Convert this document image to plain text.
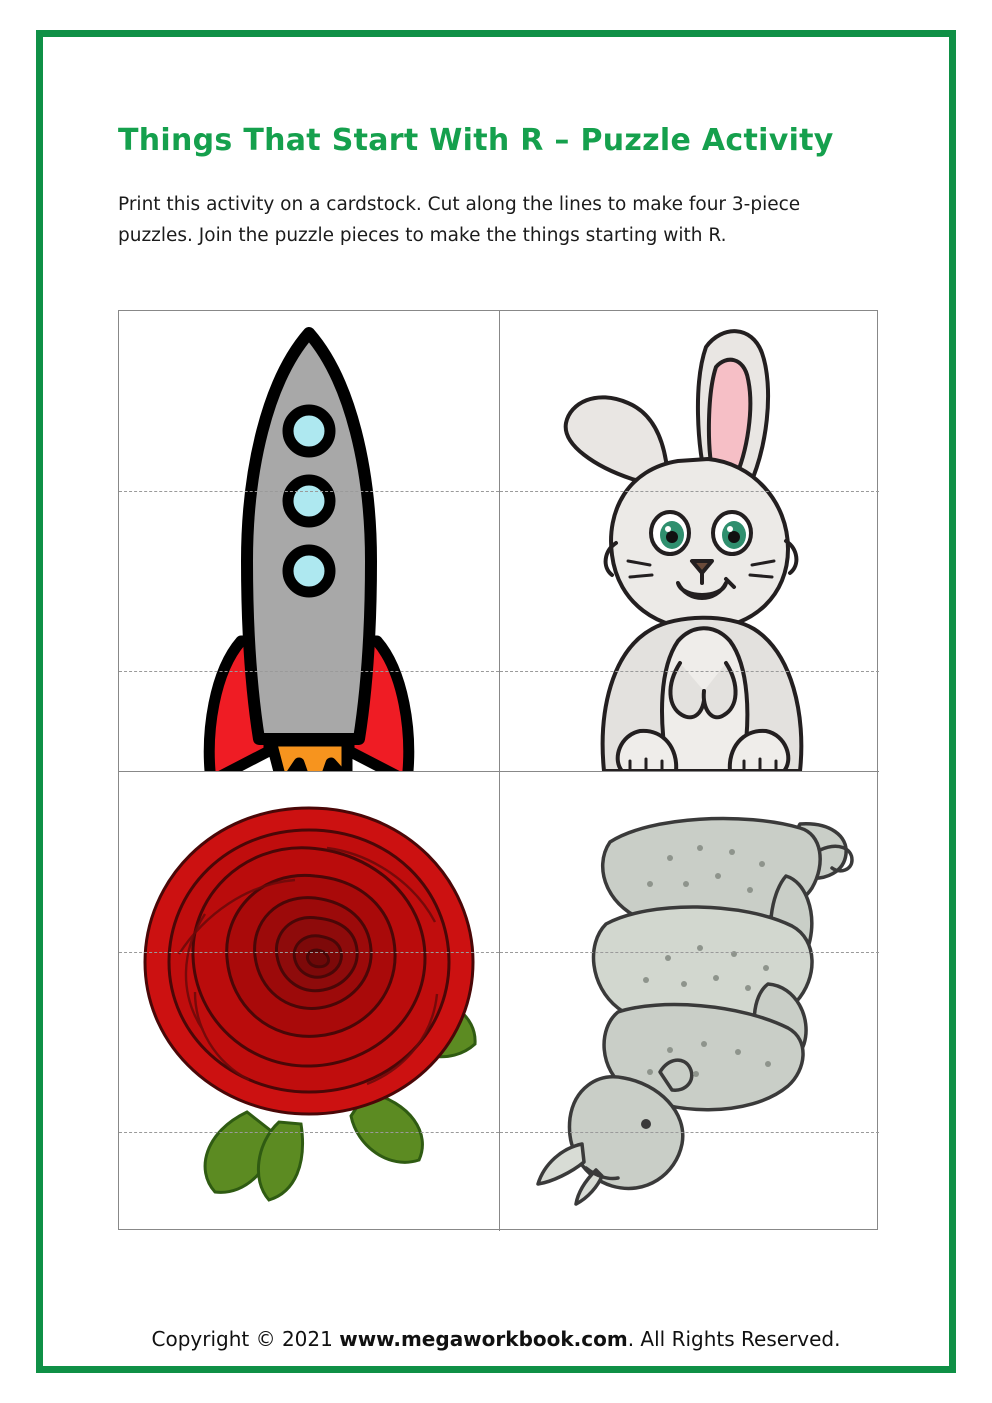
Things That Start With R – Puzzle Activity
Print this activity on a cardstock. Cut along the lines to make four 3-piece puzzles. Join the puzzle pieces to make the things starting with R.
Copyright © 2021 www.megaworkbook.com. All Rights Reserved.
